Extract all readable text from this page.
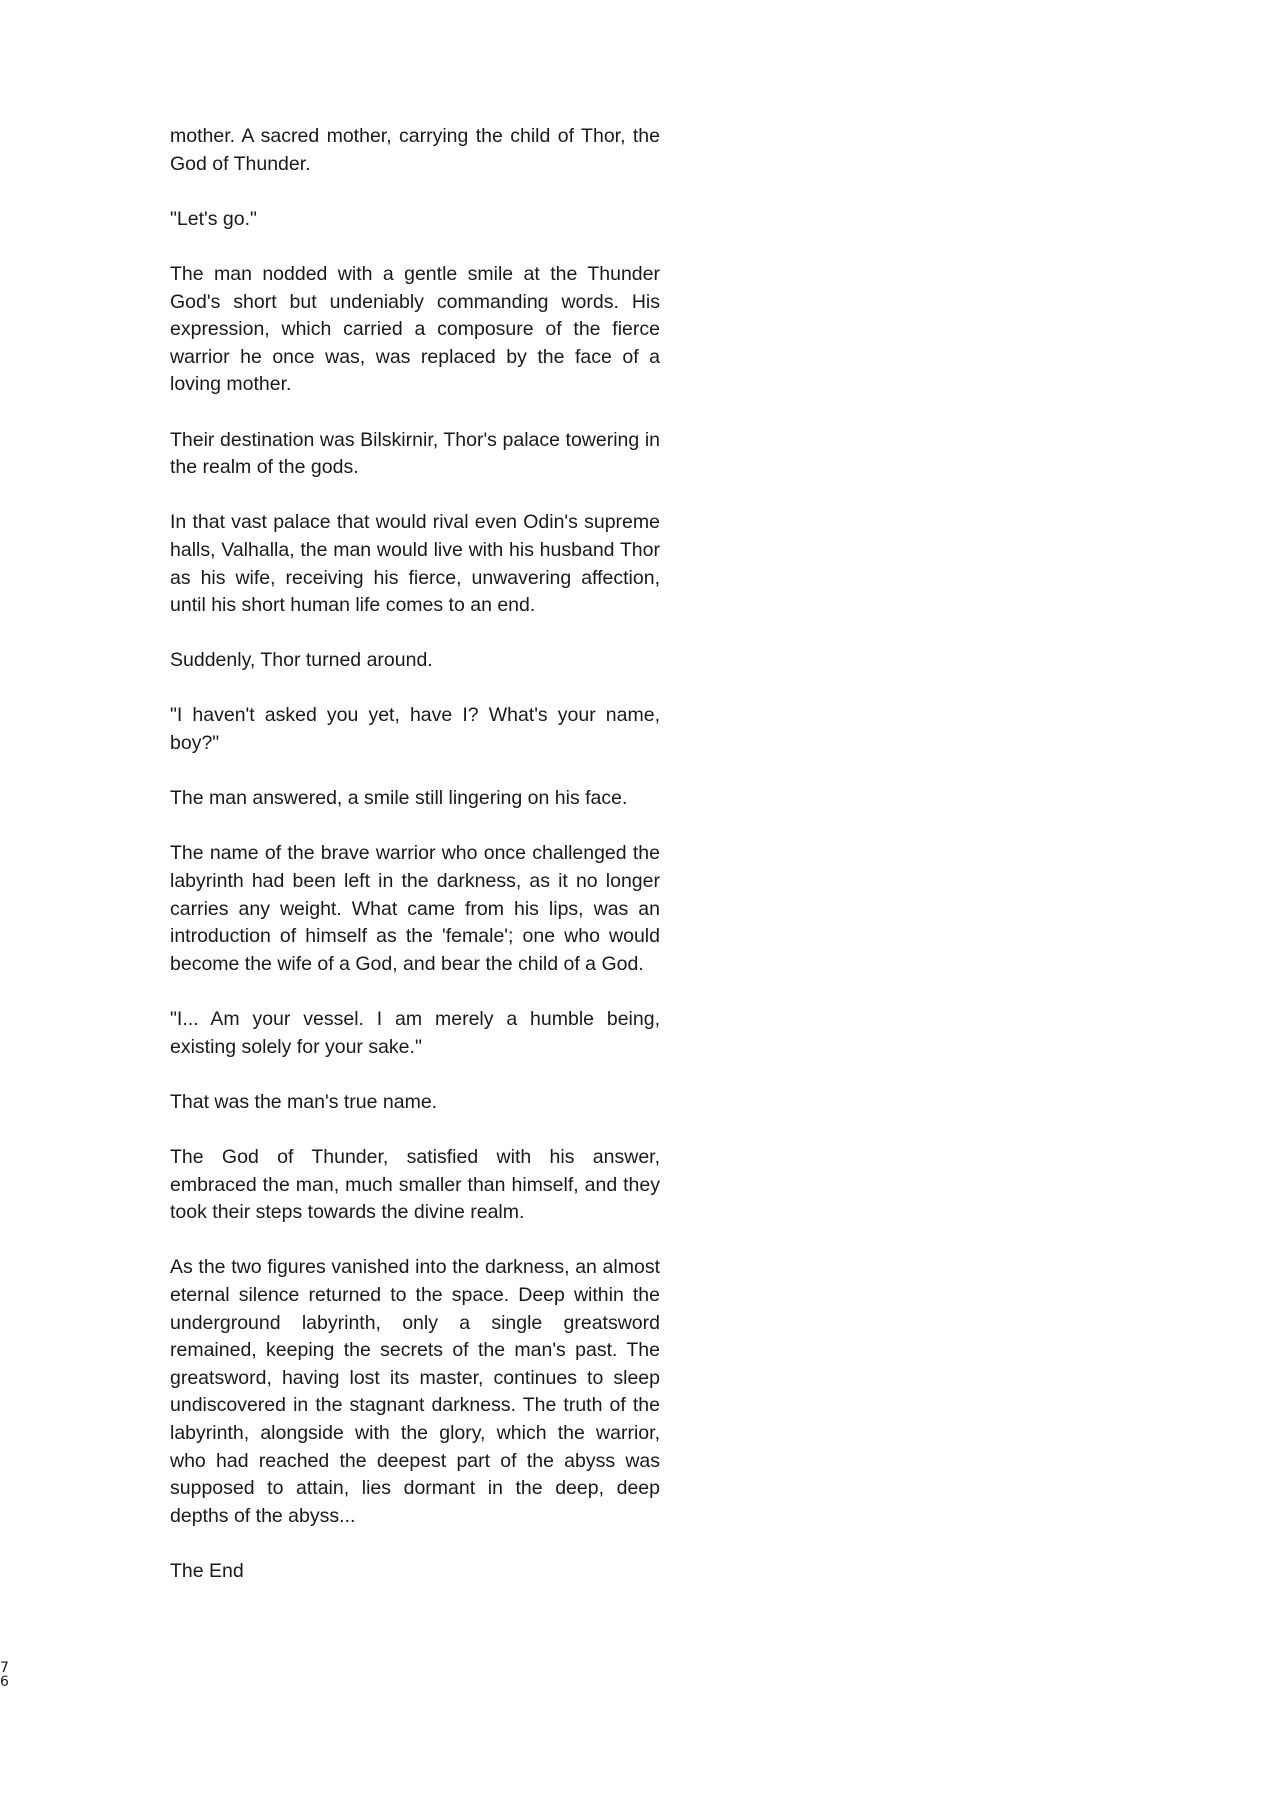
mother. A sacred mother, carrying the child of Thor, the God of Thunder.

"Let's go."

The man nodded with a gentle smile at the Thunder God's short but undeniably commanding words. His expression, which carried a composure of the fierce warrior he once was, was replaced by the face of a loving mother.

Their destination was Bilskirnir, Thor's palace towering in the realm of the gods.

In that vast palace that would rival even Odin's supreme halls, Valhalla, the man would live with his husband Thor as his wife, receiving his fierce, unwavering affection, until his short human life comes to an end.

Suddenly, Thor turned around.

"I haven't asked you yet, have I? What's your name, boy?"

The man answered, a smile still lingering on his face.

The name of the brave warrior who once challenged the labyrinth had been left in the darkness, as it no longer carries any weight. What came from his lips, was an introduction of himself as the 'female'; one who would become the wife of a God, and bear the child of a God.

"I... Am your vessel. I am merely a humble being, existing solely for your sake."

That was the man's true name.

The God of Thunder, satisfied with his answer, embraced the man, much smaller than himself, and they took their steps towards the divine realm.

As the two figures vanished into the darkness, an almost eternal silence returned to the space. Deep within the underground labyrinth, only a single greatsword remained, keeping the secrets of the man's past. The greatsword, having lost its master, continues to sleep undiscovered in the stagnant darkness. The truth of the labyrinth, alongside with the glory, which the warrior, who had reached the deepest part of the abyss was supposed to attain, lies dormant in the deep, deep depths of the abyss...

The End

7
6
